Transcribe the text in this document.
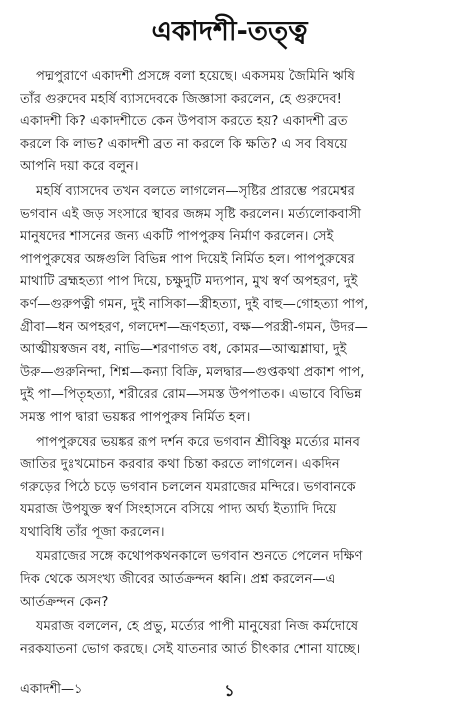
একাদশী-তত্ত্ব

পদ্মপুরাণে একাদশী প্রসঙ্গে বলা হয়েছে। একসময় জৈমিনি ঋষি
তাঁর গুরুদেব মহর্ষি ব্যাসদেবকে জিজ্ঞাসা করলেন, হে গুরুদেব!
একাদশী কি? একাদশীতে কেন উপবাস করতে হয়? একাদশী ব্রত
করলে কি লাভ? একাদশী ব্রত না করলে কি ক্ষতি? এ সব বিষয়ে
আপনি দয়া করে বলুন।

মহর্ষি ব্যাসদেব তখন বলতে লাগলেন—সৃষ্টির প্রারম্ভে পরমেশ্বর
ভগবান এই জড় সংসারে স্থাবর জঙ্গম সৃষ্টি করলেন। মর্ত্যলোকবাসী
মানুষদের শাসনের জন্য একটি পাপপুরুষ নির্মাণ করলেন। সেই
পাপপুরুষের অঙ্গগুলি বিভিন্ন পাপ দিয়েই নির্মিত হল। পাপপুরুষের
মাথাটি ব্রহ্মহত্যা পাপ দিয়ে, চক্ষুদুটি মদ্যপান, মুখ স্বর্ণ অপহরণ, দুই
কর্ণ—গুরুপত্নী গমন, দুই নাসিকা—স্ত্রীহত্যা, দুই বাহু—গোহত্যা পাপ,
গ্রীবা—ধন অপহরণ, গলদেশ—ভ্রূণহত্যা, বক্ষ—পরস্ত্রী-গমন, উদর—
আত্মীয়স্বজন বধ, নাভি—শরণাগত বধ, কোমর—আত্মশ্লাঘা, দুই
উরু—গুরুনিন্দা, শিশ্ন—কন্যা বিক্রি, মলদ্বার—গুপ্তকথা প্রকাশ পাপ,
দুই পা—পিতৃহত্যা, শরীরের রোম—সমস্ত উপপাতক। এভাবে বিভিন্ন
সমস্ত পাপ দ্বারা ভয়ঙ্কর পাপপুরুষ নির্মিত হল।

পাপপুরুষের ভয়ঙ্কর রূপ দর্শন করে ভগবান শ্রীবিষ্ণু মর্ত্যের মানব
জাতির দুঃখমোচন করবার কথা চিন্তা করতে লাগলেন। একদিন
গরুড়ের পিঠে চড়ে ভগবান চললেন যমরাজের মন্দিরে। ভগবানকে
যমরাজ উপযুক্ত স্বর্ণ সিংহাসনে বসিয়ে পাদ্য অর্ঘ্য ইত্যাদি দিয়ে
যথাবিধি তাঁর পূজা করলেন।

যমরাজের সঙ্গে কথোপকথনকালে ভগবান শুনতে পেলেন দক্ষিণ
দিক থেকে অসংখ্য জীবের আর্তক্রন্দন ধ্বনি। প্রশ্ন করলেন—এ
আর্তক্রন্দন কেন?

যমরাজ বললেন, হে প্রভু, মর্ত্যের পাপী মানুষেরা নিজ কর্মদোষে
নরকযাতনা ভোগ করছে। সেই যাতনার আর্ত চীৎকার শোনা যাচ্ছে।

একাদশী—১	১
